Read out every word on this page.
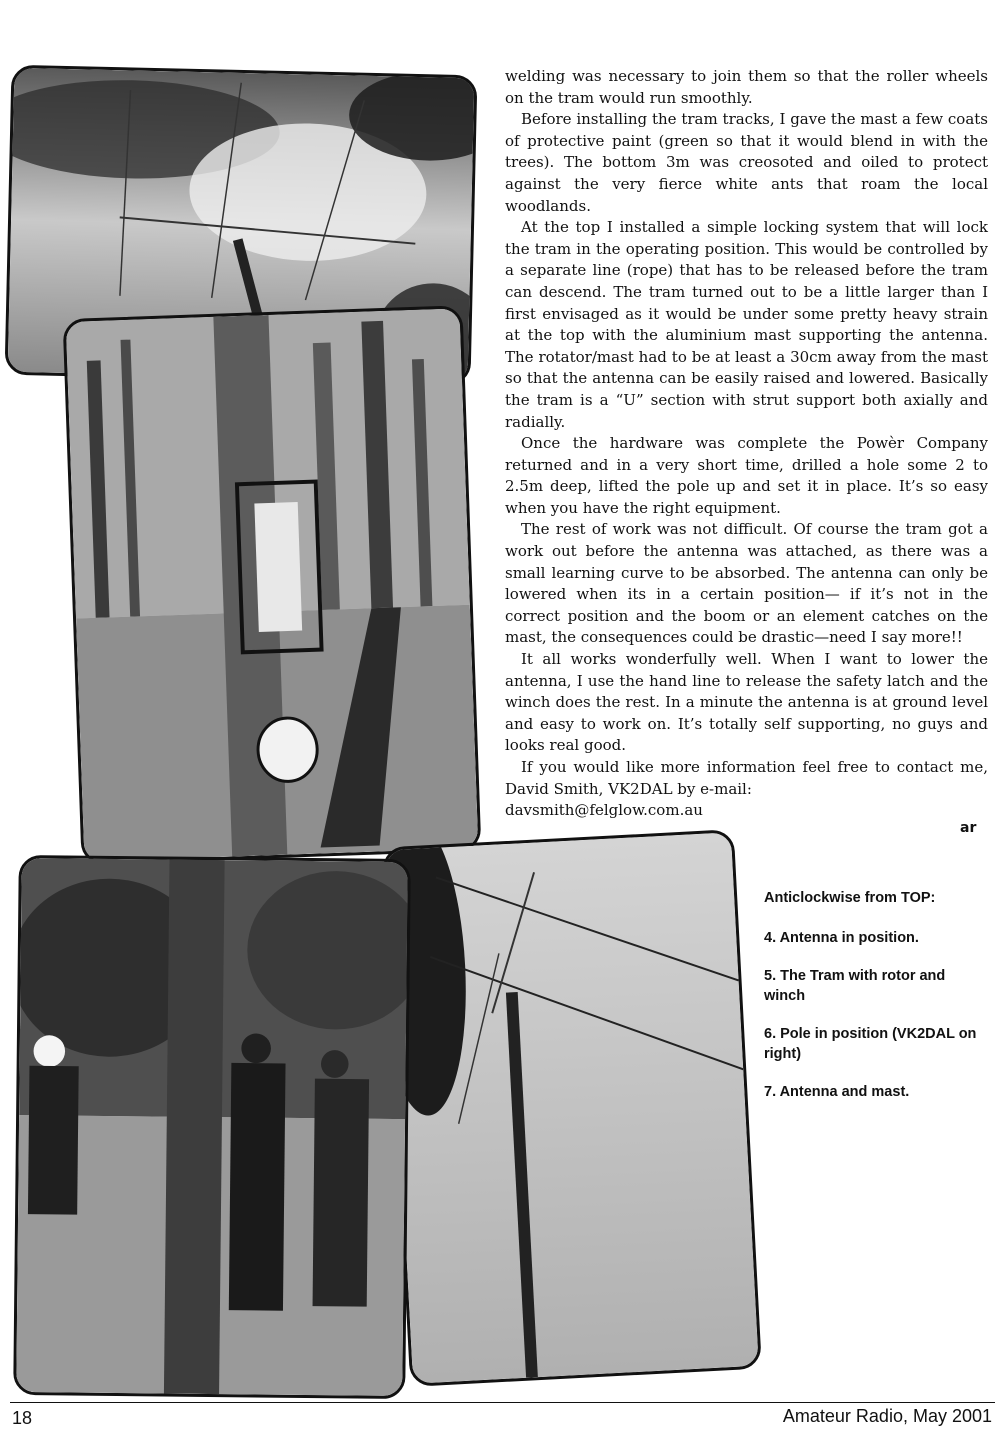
welding was necessary to join them so that the roller wheels on the tram would run smoothly.

Before installing the tram tracks, I gave the mast a few coats of protective paint (green so that it would blend in with the trees). The bottom 3m was creosoted and oiled to protect against the very fierce white ants that roam the local woodlands.

At the top I installed a simple locking system that will lock the tram in the operating position. This would be controlled by a separate line (rope) that has to be released before the tram can descend. The tram turned out to be a little larger than I first envisaged as it would be under some pretty heavy strain at the top with the aluminium mast supporting the antenna. The rotator/mast had to be at least a 30cm away from the mast so that the antenna can be easily raised and lowered. Basically the tram is a “U” section with strut support both axially and radially.

Once the hardware was complete the Powèr Company returned and in a very short time, drilled a hole some 2 to 2.5m deep, lifted the pole up and set it in place. It’s so easy when you have the right equipment.

The rest of work was not difficult. Of course the tram got a work out before the antenna was attached, as there was a small learning curve to be absorbed. The antenna can only be lowered when its in a certain position— if it’s not in the correct position and the boom or an element catches on the mast, the consequences could be drastic—need I say more!!

It all works wonderfully well. When I want to lower the antenna, I use the hand line to release the safety latch and the winch does the rest. In a minute the antenna is at ground level and easy to work on. It’s totally self supporting, no guys and looks real good.

If you would like more information feel free to contact me, David Smith, VK2DAL by e-mail:
davsmith@felglow.com.au

ar

Anticlockwise from TOP:

4. Antenna in position.
5. The Tram with rotor and winch
6. Pole in position (VK2DAL on right)
7. Antenna and mast.
18	Amateur Radio, May 2001
